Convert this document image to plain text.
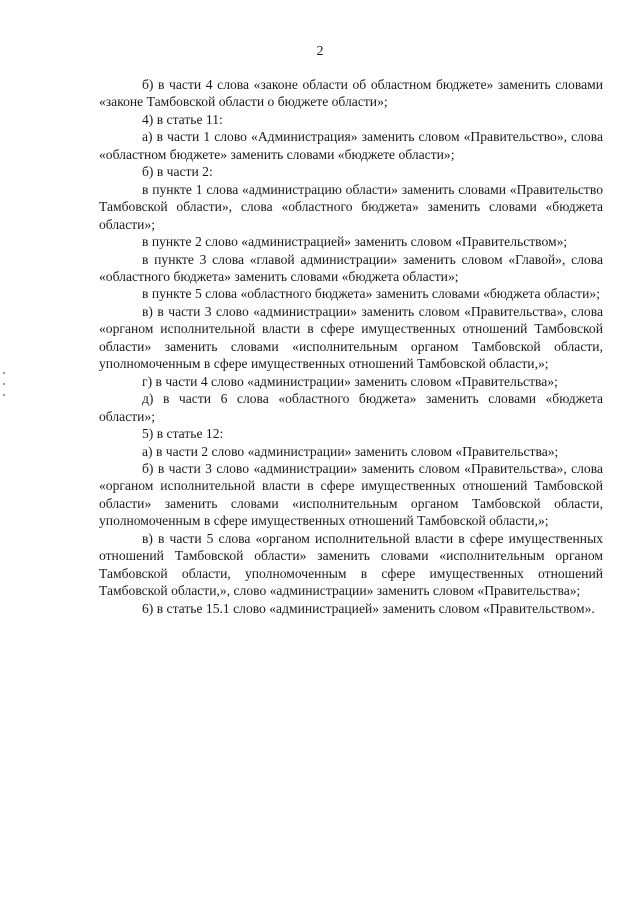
2

б) в части 4 слова «законе области об областном бюджете» заменить словами «законе Тамбовской области о бюджете области»;

4) в статье 11:

а) в части 1 слово «Администрация» заменить словом «Правительство», слова «областном бюджете» заменить словами «бюджете области»;

б) в части 2:

в пункте 1 слова «администрацию области» заменить словами «Правительство Тамбовской области», слова «областного бюджета» заменить словами «бюджета области»;

в пункте 2 слово «администрацией» заменить словом «Правительством»;

в пункте 3 слова «главой администрации» заменить словом «Главой», слова «областного бюджета» заменить словами «бюджета области»;

в пункте 5 слова «областного бюджета» заменить словами «бюджета области»;

в) в части 3 слово «администрации» заменить словом «Правительства», слова «органом исполнительной власти в сфере имущественных отношений Тамбовской области» заменить словами «исполнительным органом Тамбовской области, уполномоченным в сфере имущественных отношений Тамбовской области,»;

г) в части 4 слово «администрации» заменить словом «Правительства»;

д) в части 6 слова «областного бюджета» заменить словами «бюджета области»;

5) в статье 12:

а) в части 2 слово «администрации» заменить словом «Правительства»;

б) в части 3 слово «администрации» заменить словом «Правительства», слова «органом исполнительной власти в сфере имущественных отношений Тамбовской области» заменить словами «исполнительным органом Тамбовской области, уполномоченным в сфере имущественных отношений Тамбовской области,»;

в) в части 5 слова «органом исполнительной власти в сфере имущественных отношений Тамбовской области» заменить словами «исполнительным органом Тамбовской области, уполномоченным в сфере имущественных отношений Тамбовской области,», слово «администрации» заменить словом «Правительства»;

6) в статье 15.1 слово «администрацией» заменить словом «Правительством».
